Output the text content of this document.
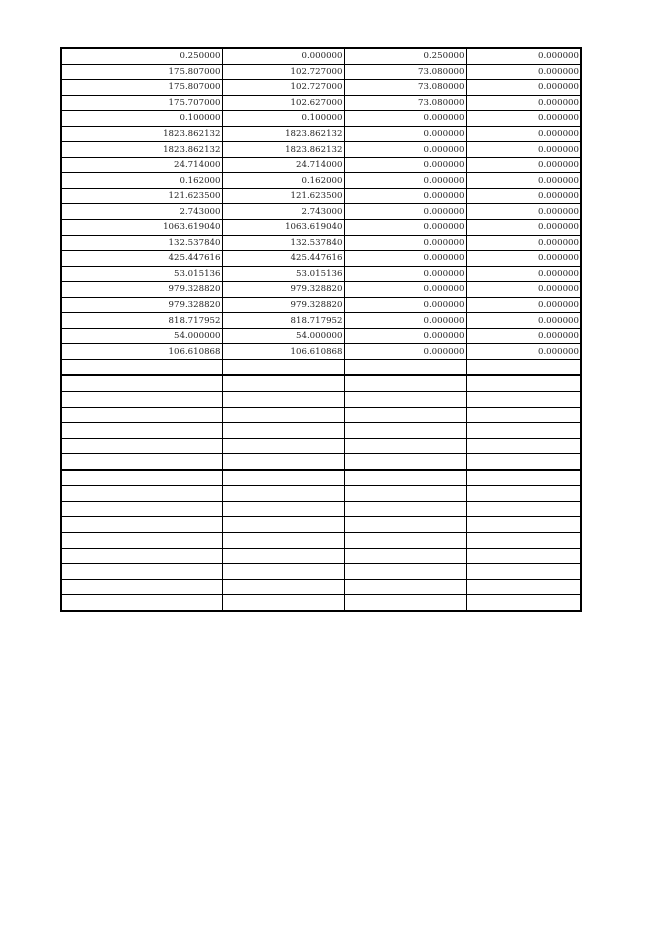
0.250000	0.000000	0.250000	0.000000
175.807000	102.727000	73.080000	0.000000
175.807000	102.727000	73.080000	0.000000
175.707000	102.627000	73.080000	0.000000
0.100000	0.100000	0.000000	0.000000
1823.862132	1823.862132	0.000000	0.000000
1823.862132	1823.862132	0.000000	0.000000
24.714000	24.714000	0.000000	0.000000
0.162000	0.162000	0.000000	0.000000
121.623500	121.623500	0.000000	0.000000
2.743000	2.743000	0.000000	0.000000
1063.619040	1063.619040	0.000000	0.000000
132.537840	132.537840	0.000000	0.000000
425.447616	425.447616	0.000000	0.000000
53.015136	53.015136	0.000000	0.000000
979.328820	979.328820	0.000000	0.000000
979.328820	979.328820	0.000000	0.000000
818.717952	818.717952	0.000000	0.000000
54.000000	54.000000	0.000000	0.000000
106.610868	106.610868	0.000000	0.000000
